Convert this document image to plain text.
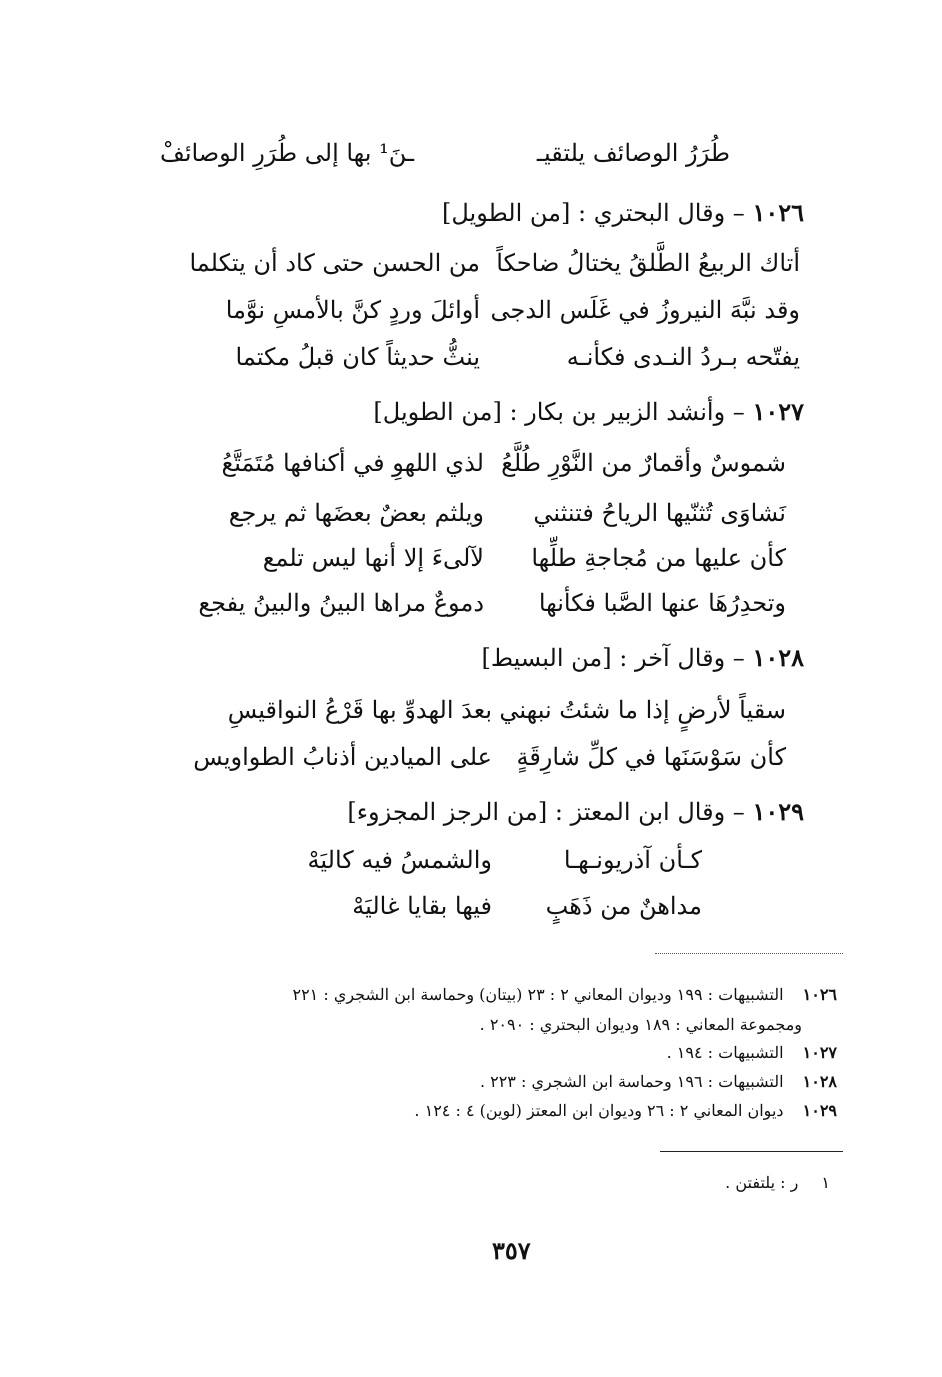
طُرَرُ الوصائف يلتقيـ
ـنَ¹ بها إلى طُرَرِ الوصائفْ
١٠٢٦ – وقال البحتري : [من الطويل]
أتاك الربيعُ الطَّلقُ يختالُ ضاحكاً
من الحسن حتى كاد أن يتكلما
وقد نبَّهَ النيروزُ في غَلَس الدجى
أوائلَ وردٍ كنَّ بالأمسِ نوَّما
يفتّحه بـردُ النـدى فكأنـه
ينثُّ حديثاً كان قبلُ مكتما
١٠٢٧ – وأنشد الزبير بن بكار : [من الطويل]
شموسٌ وأقمارٌ من النَّوْرِ طُلَّعُ
لذي اللهوِ في أكنافها مُتَمَتَّعُ
نَشاوَى تُثنّيها الرياحُ فتنثني
ويلثم بعضٌ بعضَها ثم يرجع
كأن عليها من مُجاجةِ طلِّها
لآلىءَ إلا أنها ليس تلمع
وتحدِرُهَا عنها الصَّبا فكأنها
دموعٌ مراها البينُ والبينُ يفجع
١٠٢٨ – وقال آخر : [من البسيط]
سقياً لأرضٍ إذا ما شئتُ نبهني
بعدَ الهدوِّ بها قَرْعُ النواقيسِ
كأن سَوْسَنَها في كلِّ شارِقَةٍ
على الميادين أذنابُ الطواويس
١٠٢٩ – وقال ابن المعتز : [من الرجز المجزوء]
كـأن آذريونـهـا
والشمسُ فيه كاليَهْ
مداهنٌ من ذَهَبٍ
فيها بقايا غاليَهْ
١٠٢٦ التشبيهات : ١٩٩ وديوان المعاني ٢ : ٢٣ (بيتان) وحماسة ابن الشجري : ٢٢١
ومجموعة المعاني : ١٨٩ وديوان البحتري : ٢٠٩٠ .
١٠٢٧ التشبيهات : ١٩٤ .
١٠٢٨ التشبيهات : ١٩٦ وحماسة ابن الشجري : ٢٢٣ .
١٠٢٩ ديوان المعاني ٢ : ٢٦ وديوان ابن المعتز (لوين) ٤ : ١٢٤ .
١ ر : يلتفتن .
٣٥٧
